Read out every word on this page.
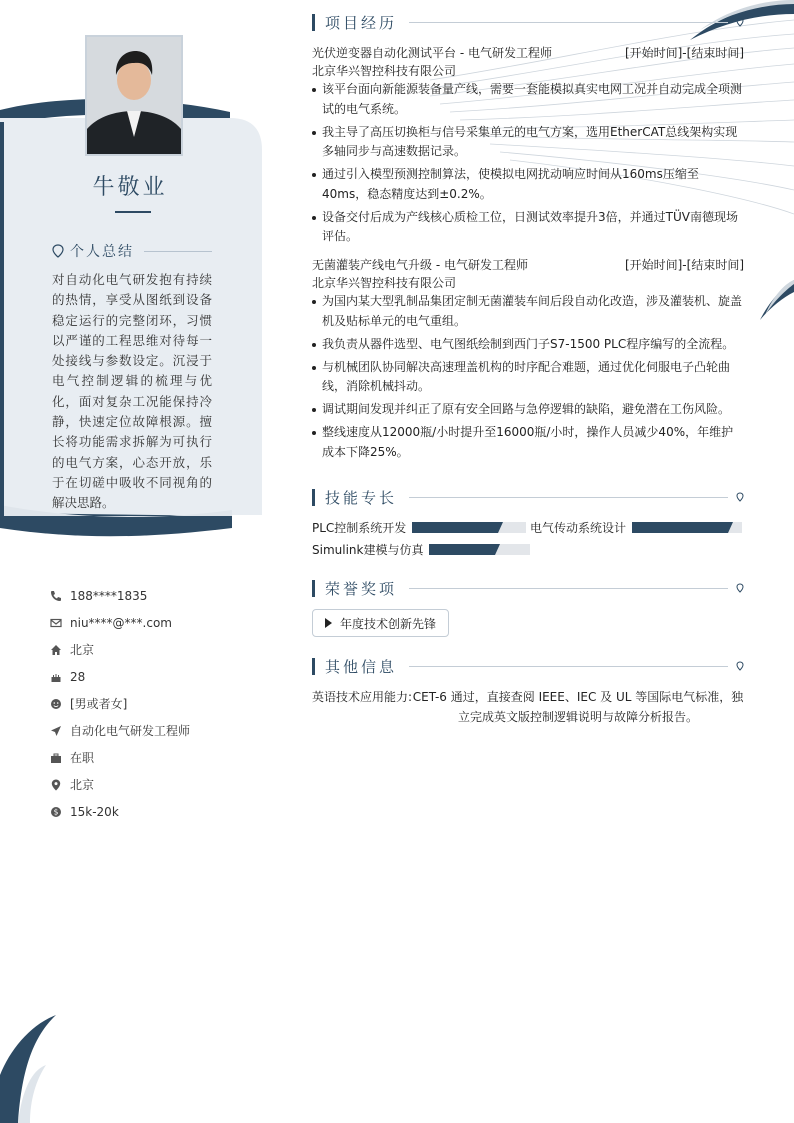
牛敬业
个人总结
对自动化电气研发抱有持续的热情，享受从图纸到设备稳定运行的完整闭环，习惯以严谨的工程思维对待每一处接线与参数设定。沉浸于电气控制逻辑的梳理与优化，面对复杂工况能保持冷静，快速定位故障根源。擅长将功能需求拆解为可执行的电气方案，心态开放，乐于在切磋中吸收不同视角的解决思路。
188****1835
niu****@***.com
北京
28
[男或者女]
自动化电气研发工程师
在职
北京
$ 15k-20k
项目经历
光伏逆变器自动化测试平台 - 电气研发工程师	[开始时间]-[结束时间]
北京华兴智控科技有限公司
该平台面向新能源装备量产线，需要一套能模拟真实电网工况并自动完成全项测试的电气系统。
我主导了高压切换柜与信号采集单元的电气方案，选用EtherCAT总线架构实现多轴同步与高速数据记录。
通过引入模型预测控制算法，使模拟电网扰动响应时间从160ms压缩至40ms，稳态精度达到±0.2%。
设备交付后成为产线核心质检工位，日测试效率提升3倍，并通过TÜV南德现场评估。
无菌灌装产线电气升级 - 电气研发工程师	[开始时间]-[结束时间]
北京华兴智控科技有限公司
为国内某大型乳制品集团定制无菌灌装车间后段自动化改造，涉及灌装机、旋盖机及贴标单元的电气重组。
我负责从器件选型、电气图纸绘制到西门子S7-1500 PLC程序编写的全流程。
与机械团队协同解决高速理盖机构的时序配合难题，通过优化伺服电子凸轮曲线，消除机械抖动。
调试期间发现并纠正了原有安全回路与急停逻辑的缺陷，避免潜在工伤风险。
整线速度从12000瓶/小时提升至16000瓶/小时，操作人员减少40%，年维护成本下降25%。
技能专长
PLC控制系统开发	电气传动系统设计
Simulink建模与仿真
荣誉奖项
年度技术创新先锋
其他信息
英语技术应用能力: CET-6 通过，直接查阅 IEEE、IEC 及 UL 等国际电气标准，独立完成英文版控制逻辑说明与故障分析报告。
